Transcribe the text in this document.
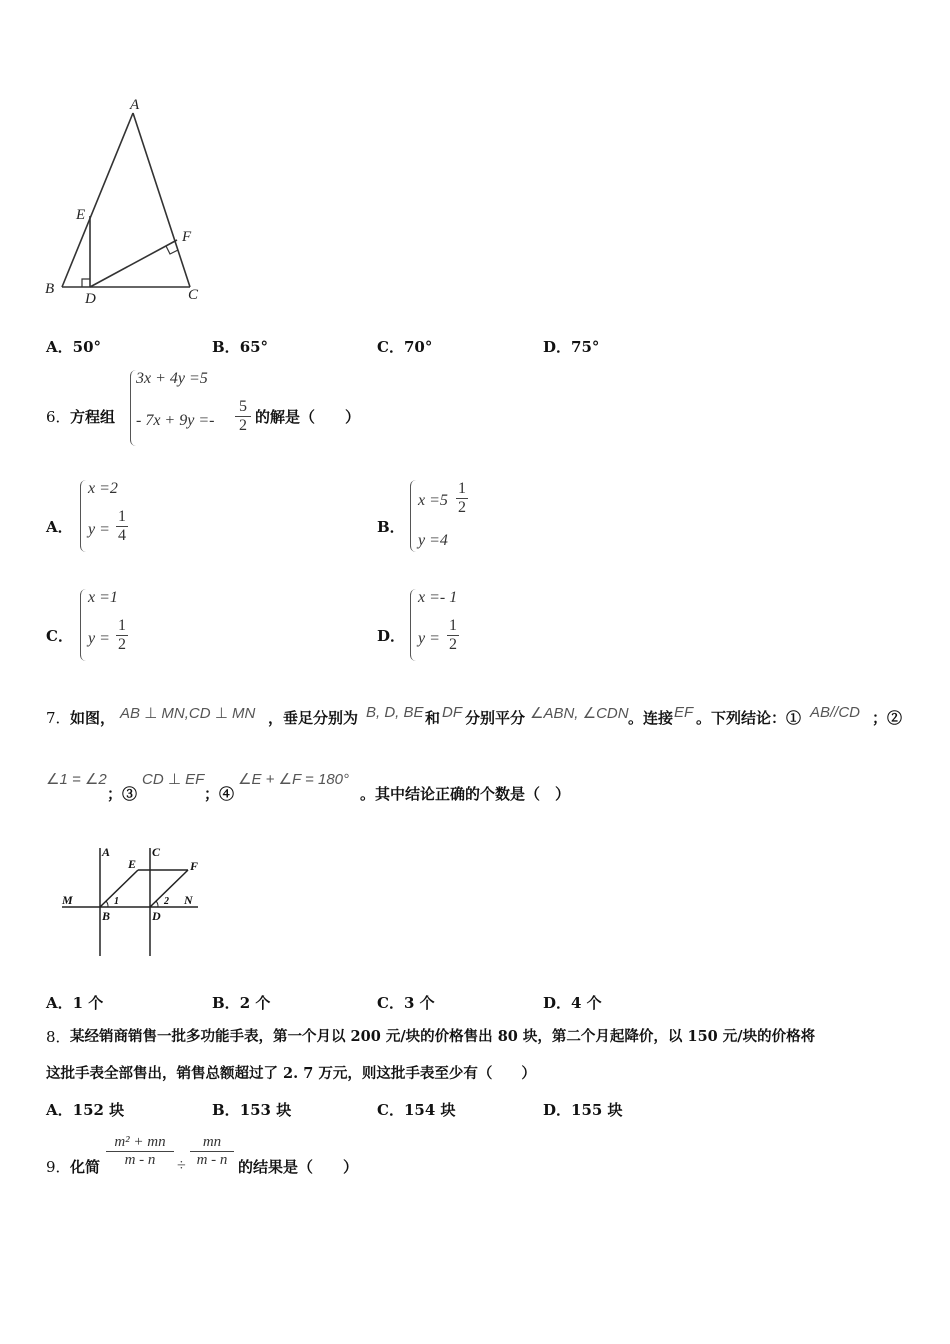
A
E
F
B
D	C
A．50°	B．65°	C．70°	D．75°
6． 方程组
3x + 4y =5
- 7x + 9y =-
5
2 的解是（　　）
A．
x =2
y =
1
4	B．
x =5
1
2
y =4
C．
x =1
y =
1
2	D．
x =- 1
y =
1
2
7． 如图， AB ⊥ MN,CD ⊥ MN ，垂足分别为 B, D, BE 和 DF 分别平分 ∠ABN, ∠CDN 。连接 EF 。下列结论：① AB//CD ；②
∠1 = ∠2
；③
CD ⊥ EF
；④
∠E + ∠F = 180°
。其中结论正确的个数是（　）
A	C
E	F
M	N
B	D
1	2
A．1 个	B．2 个	C．3 个	D．4 个
8． 某经销商销售一批多功能手表，第一个月以 200 元/块的价格售出 80 块，第二个月起降价，以 150 元/块的价格将
这批手表全部售出，销售总额超过了 2. 7 万元，则这批手表至少有（　　）
A．152 块	B．153 块	C．154 块	D．155 块
9． 化简
m² + mn
m - n	÷
mn
m - n 的结果是（　　）
